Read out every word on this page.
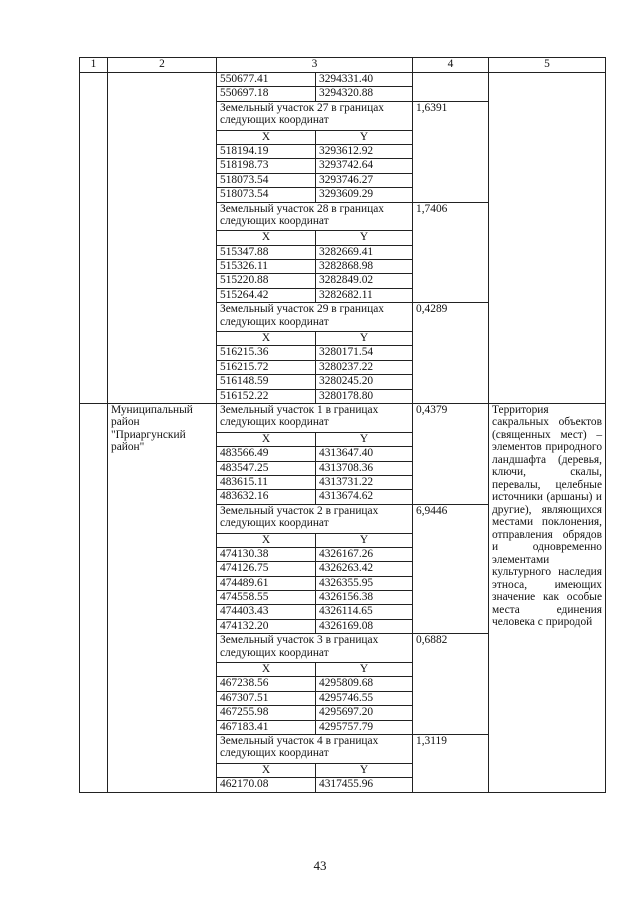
1	2	3		4	5
		550677.41	3294331.40		
		550697.18	3294320.88		
		Земельный участок 27 в границах следующих координат		1,6391	

		X	Y		
		518194.19	3293612.92		
		518198.73	3293742.64		
		518073.54	3293746.27		
		518073.54	3293609.29		
		Земельный участок 28 в границах следующих координат		1,7406	

		X	Y		
		515347.88	3282669.41		
		515326.11	3282868.98		
		515220.88	3282849.02		
		515264.42	3282682.11		
		Земельный участок 29 в границах следующих координат		0,4289	

		X	Y		
		516215.36	3280171.54		
		516215.72	3280237.22		
		516148.59	3280245.20		
		516152.22	3280178.80		
	Муниципальный район "Приаргунский район"	Земельный участок 1 в границах следующих координат		0,4379	Территория сакральных объектов (священных мест) – элементов природного ландшафта (деревья, ключи, скалы, перевалы, целебные источники (аршаны) и другие), являющихся местами поклонения, отправления обрядов и одновременно элементами культурного наследия этноса, имеющих значение как особые места единения человека с природой

		X	Y		
		483566.49	4313647.40		
		483547.25	4313708.36		
		483615.11	4313731.22		
		483632.16	4313674.62		
		Земельный участок 2 в границах следующих координат		6,9446	

		X	Y		
		474130.38	4326167.26		
		474126.75	4326263.42		
		474489.61	4326355.95		
		474558.55	4326156.38		
		474403.43	4326114.65		
		474132.20	4326169.08		
		Земельный участок 3 в границах следующих координат		0,6882	

		X	Y		
		467238.56	4295809.68		
		467307.51	4295746.55		
		467255.98	4295697.20		
		467183.41	4295757.79		
		Земельный участок 4 в границах следующих координат		1,3119	

		X	Y		
		462170.08	4317455.96		
43
